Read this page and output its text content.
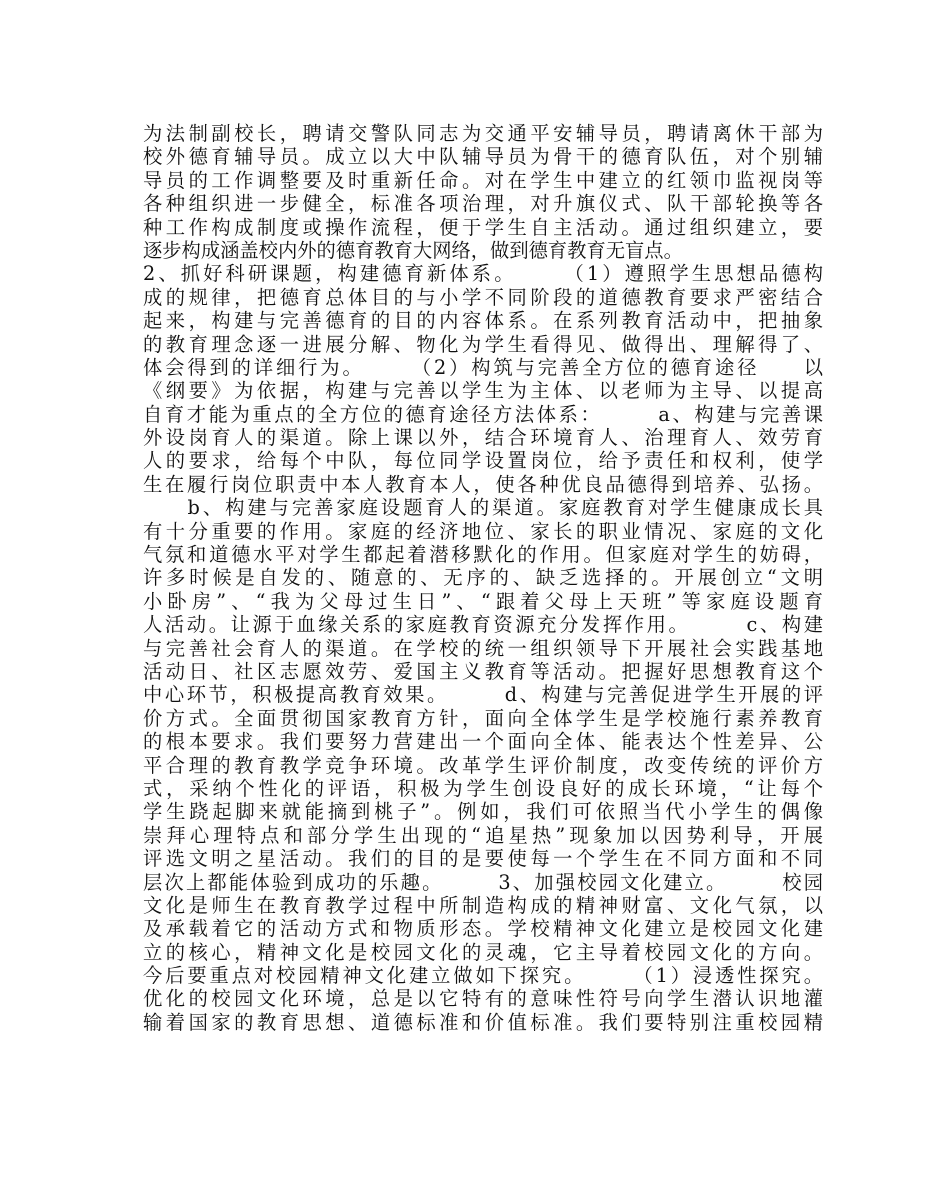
为法制副校长，聘请交警队同志为交通平安辅导员，聘请离休干部为
校外德育辅导员。成立以大中队辅导员为骨干的德育队伍，对个别辅
导员的工作调整要及时重新任命。对在学生中建立的红领巾监视岗等
各种组织进一步健全，标准各项治理，对升旗仪式、队干部轮换等各
种工作构成制度或操作流程，便于学生自主活动。通过组织建立，要
逐步构成涵盖校内外的德育教育大网络，做到德育教育无盲点。
2、抓好科研课题，构建德育新体系。　　　（1）遵照学生思想品德构
成的规律，把德育总体目的与小学不同阶段的道德教育要求严密结合
起来，构建与完善德育的目的内容体系。在系列教育活动中，把抽象
的教育理念逐一进展分解、物化为学生看得见、做得出、理解得了、
体会得到的详细行为。　　　（2）构筑与完善全方位的德育途径　　以
《纲要》为依据，构建与完善以学生为主体、以老师为主导、以提高
自育才能为重点的全方位的德育途径方法体系：　　　a、构建与完善课
外设岗育人的渠道。除上课以外，结合环境育人、治理育人、效劳育
人的要求，给每个中队，每位同学设置岗位，给予责任和权利，使学
生在履行岗位职责中本人教育本人，使各种优良品德得到培养、弘扬。
　　b、构建与完善家庭设题育人的渠道。家庭教育对学生健康成长具
有十分重要的作用。家庭的经济地位、家长的职业情况、家庭的文化
气氛和道德水平对学生都起着潜移默化的作用。但家庭对学生的妨碍，
许多时候是自发的、随意的、无序的、缺乏选择的。开展创立“文明
小卧房”、“我为父母过生日”、“跟着父母上天班”等家庭设题育
人活动。让源于血缘关系的家庭教育资源充分发挥作用。　　　c、构建
与完善社会育人的渠道。在学校的统一组织领导下开展社会实践基地
活动日、社区志愿效劳、爱国主义教育等活动。把握好思想教育这个
中心环节，积极提高教育效果。　　　d、构建与完善促进学生开展的评
价方式。全面贯彻国家教育方针，面向全体学生是学校施行素养教育
的根本要求。我们要努力营建出一个面向全体、能表达个性差异、公
平合理的教育教学竞争环境。改革学生评价制度，改变传统的评价方
式，采纳个性化的评语，积极为学生创设良好的成长环境，“让每个
学生跷起脚来就能摘到桃子”。例如，我们可依照当代小学生的偶像
崇拜心理特点和部分学生出现的“追星热”现象加以因势利导，开展
评选文明之星活动。我们的目的是要使每一个学生在不同方面和不同
层次上都能体验到成功的乐趣。　　　3、加强校园文化建立。　　　校园
文化是师生在教育教学过程中所制造构成的精神财富、文化气氛，以
及承载着它的活动方式和物质形态。学校精神文化建立是校园文化建
立的核心，精神文化是校园文化的灵魂，它主导着校园文化的方向。
今后要重点对校园精神文化建立做如下探究。　　　（1）浸透性探究。
优化的校园文化环境，总是以它特有的意味性符号向学生潜认识地灌
输着国家的教育思想、道德标准和价值标准。我们要特别注重校园精
